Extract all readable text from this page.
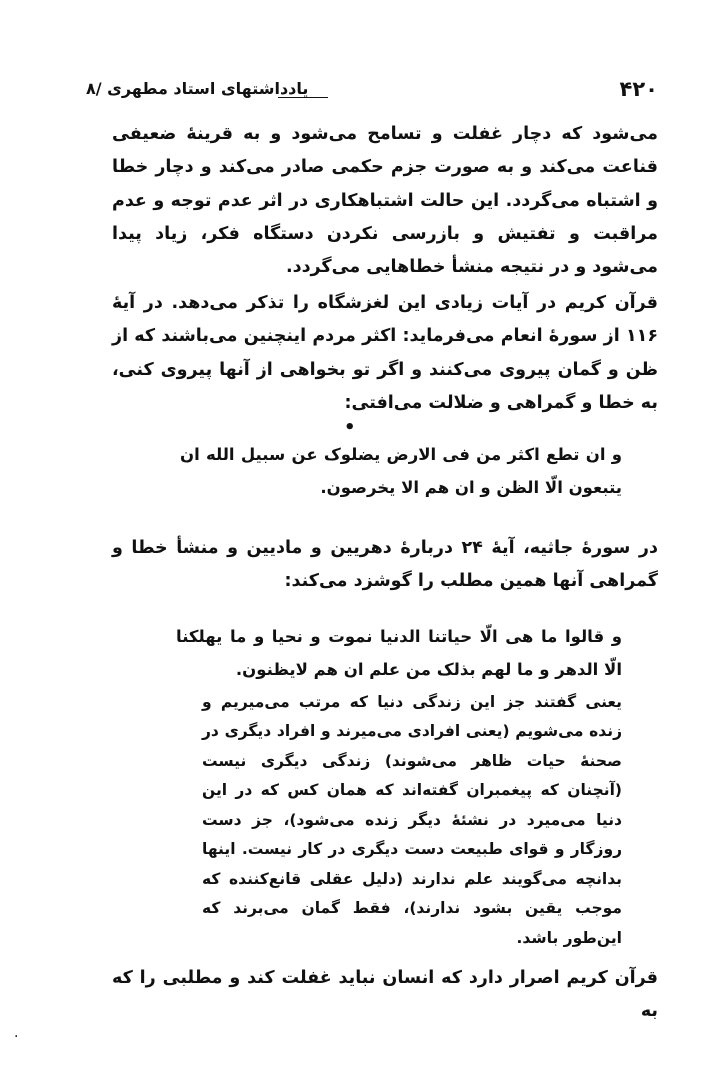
۴۲۰
یادداشتهای استاد مطهری /۸

می‌شود که دچار غفلت و تسامح می‌شود و به قرینهٔ ضعیفی قناعت می‌کند و به صورت جزم حکمی صادر می‌کند و دچار خطا و اشتباه می‌گردد. این حالت اشتباهکاری در اثر عدم توجه و عدم مراقبت و تفتیش و بازرسی نکردن دستگاه فکر، زیاد پیدا می‌شود و در نتیجه منشأ خطاهایی می‌گردد.

قرآن کریم در آیات زیادی این لغزشگاه را تذکر می‌دهد. در آیهٔ ۱۱۶ از سورهٔ انعام می‌فرماید: اکثر مردم اینچنین می‌باشند که از ظن و گمان پیروی می‌کنند و اگر تو بخواهی از آنها پیروی کنی، به خطا و گمراهی و ضلالت می‌افتی:

•

و ان تطع اکثر من فی الارض یضلوک عن سبیل الله ان یتبعون الّا الظن و ان هم الا یخرصون.

در سورهٔ جاثیه، آیهٔ ۲۴ دربارهٔ دهریین و مادیین و منشأ خطا و گمراهی آنها همین مطلب را گوشزد می‌کند:

و قالوا ما هی الّا حیاتنا الدنیا نموت و نحیا و ما یهلکنا الّا الدهر و ما لهم بذلک من علم ان هم لایظنون.

یعنی گفتند جز این زندگی دنیا که مرتب می‌میریم و زنده می‌شویم (یعنی افرادی می‌میرند و افراد دیگری در صحنهٔ حیات ظاهر می‌شوند) زندگی دیگری نیست (آنچنان که پیغمبران گفته‌اند که همان کس که در این دنیا می‌میرد در نشئهٔ دیگر زنده می‌شود)، جز دست روزگار و قوای طبیعت دست دیگری در کار نیست. اینها بدانچه می‌گویند علم ندارند (دلیل عقلی قانع‌کننده که موجب یقین بشود ندارند)، فقط گمان می‌برند که این‌طور باشد.

قرآن کریم اصرار دارد که انسان نباید غفلت کند و مطلبی را که به

.
